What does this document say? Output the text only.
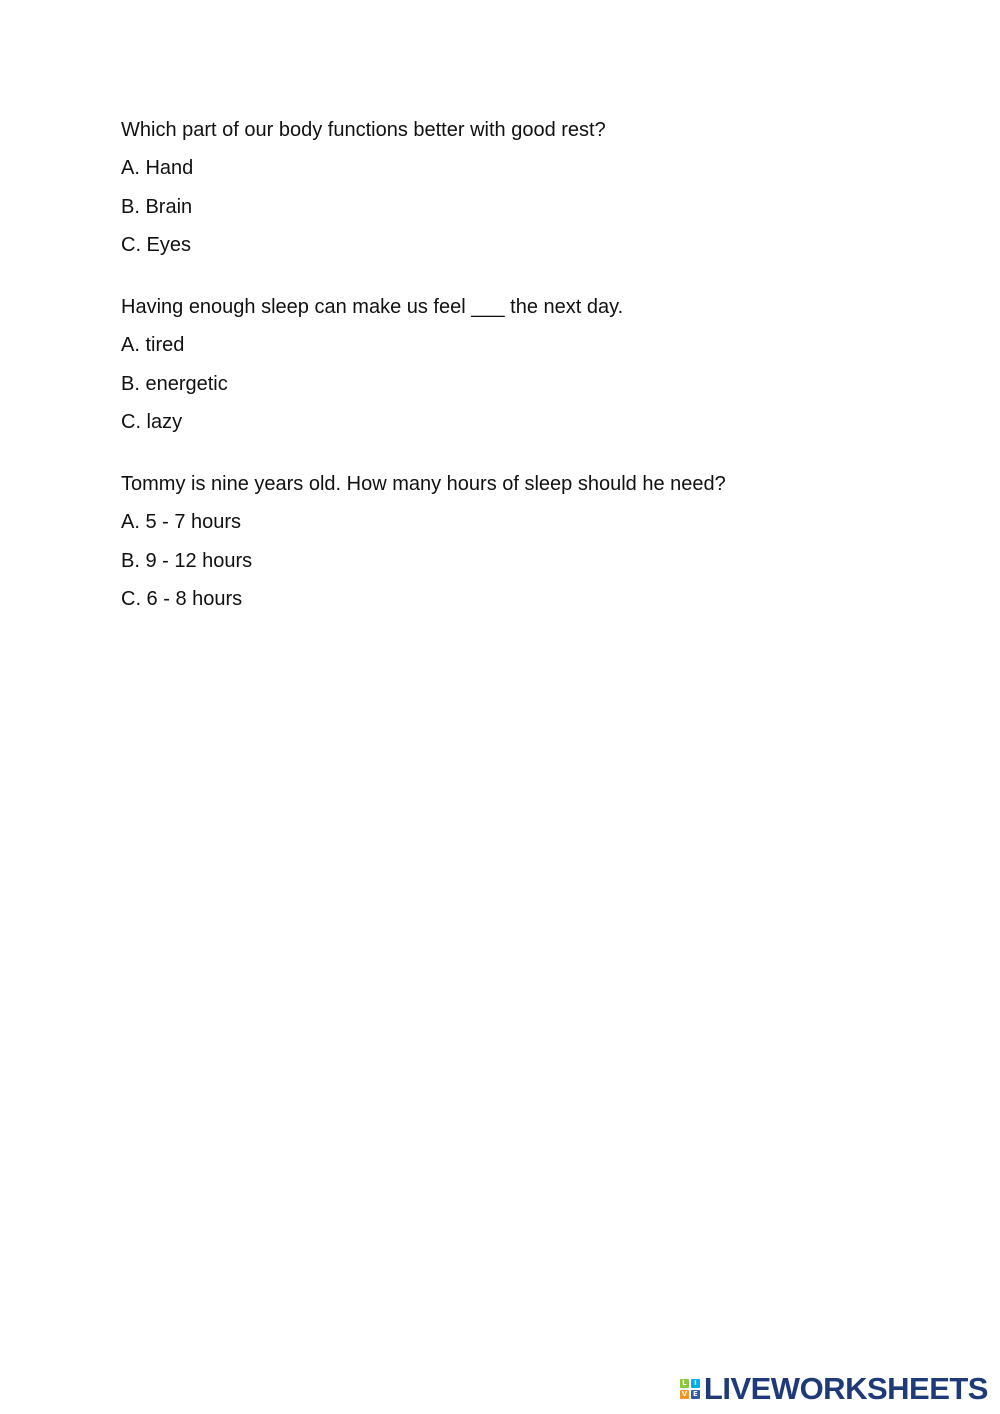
Which part of our body functions better with good rest?

A. Hand
B. Brain
C. Eyes

Having enough sleep can make us feel ___ the next day.

A. tired
B. energetic
C. lazy

Tommy is nine years old. How many hours of sleep should he need?

A. 5 - 7 hours
B. 9 - 12 hours
C. 6 - 8 hours
L	I
V E LIVEWORKSHEETS
